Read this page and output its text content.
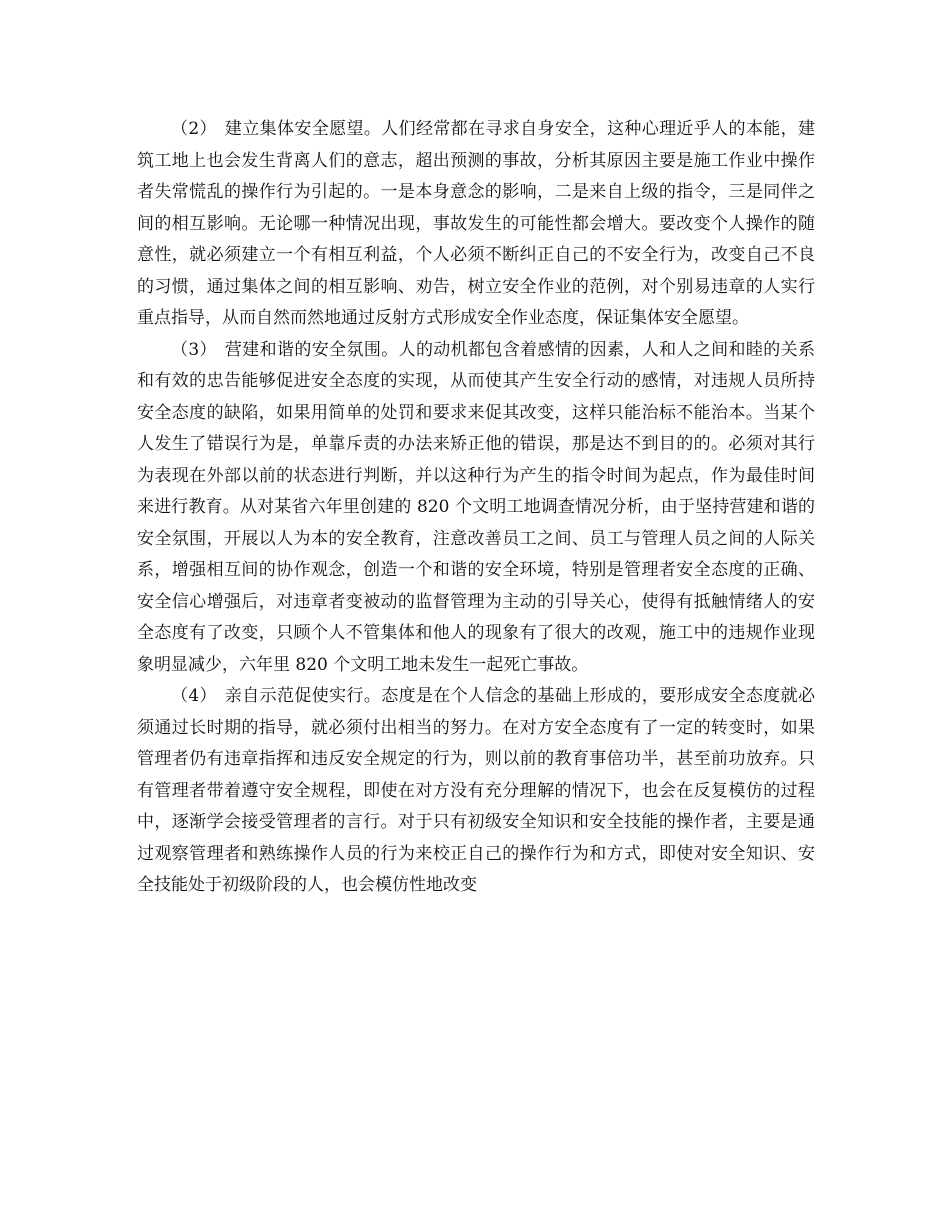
（2） 建立集体安全愿望。人们经常都在寻求自身安全，这种心理近乎人的本能，建筑工地上也会发生背离人们的意志，超出预测的事故，分析其原因主要是施工作业中操作者失常慌乱的操作行为引起的。一是本身意念的影响，二是来自上级的指令，三是同伴之间的相互影响。无论哪一种情况出现，事故发生的可能性都会增大。要改变个人操作的随意性，就必须建立一个有相互利益，个人必须不断纠正自己的不安全行为，改变自己不良的习惯，通过集体之间的相互影响、劝告，树立安全作业的范例，对个别易违章的人实行重点指导，从而自然而然地通过反射方式形成安全作业态度，保证集体安全愿望。

（3） 营建和谐的安全氛围。人的动机都包含着感情的因素，人和人之间和睦的关系和有效的忠告能够促进安全态度的实现，从而使其产生安全行动的感情，对违规人员所持安全态度的缺陷，如果用简单的处罚和要求来促其改变，这样只能治标不能治本。当某个人发生了错误行为是，单靠斥责的办法来矫正他的错误，那是达不到目的的。必须对其行为表现在外部以前的状态进行判断，并以这种行为产生的指令时间为起点，作为最佳时间来进行教育。从对某省六年里创建的 820 个文明工地调查情况分析，由于坚持营建和谐的安全氛围，开展以人为本的安全教育，注意改善员工之间、员工与管理人员之间的人际关系，增强相互间的协作观念，创造一个和谐的安全环境，特别是管理者安全态度的正确、安全信心增强后，对违章者变被动的监督管理为主动的引导关心，使得有抵触情绪人的安全态度有了改变，只顾个人不管集体和他人的现象有了很大的改观，施工中的违规作业现象明显减少，六年里 820 个文明工地未发生一起死亡事故。

（4） 亲自示范促使实行。态度是在个人信念的基础上形成的，要形成安全态度就必须通过长时期的指导，就必须付出相当的努力。在对方安全态度有了一定的转变时，如果管理者仍有违章指挥和违反安全规定的行为，则以前的教育事倍功半，甚至前功放弃。只有管理者带着遵守安全规程，即使在对方没有充分理解的情况下，也会在反复模仿的过程中，逐渐学会接受管理者的言行。对于只有初级安全知识和安全技能的操作者，主要是通过观察管理者和熟练操作人员的行为来校正自己的操作行为和方式，即使对安全知识、安全技能处于初级阶段的人，也会模仿性地改变
